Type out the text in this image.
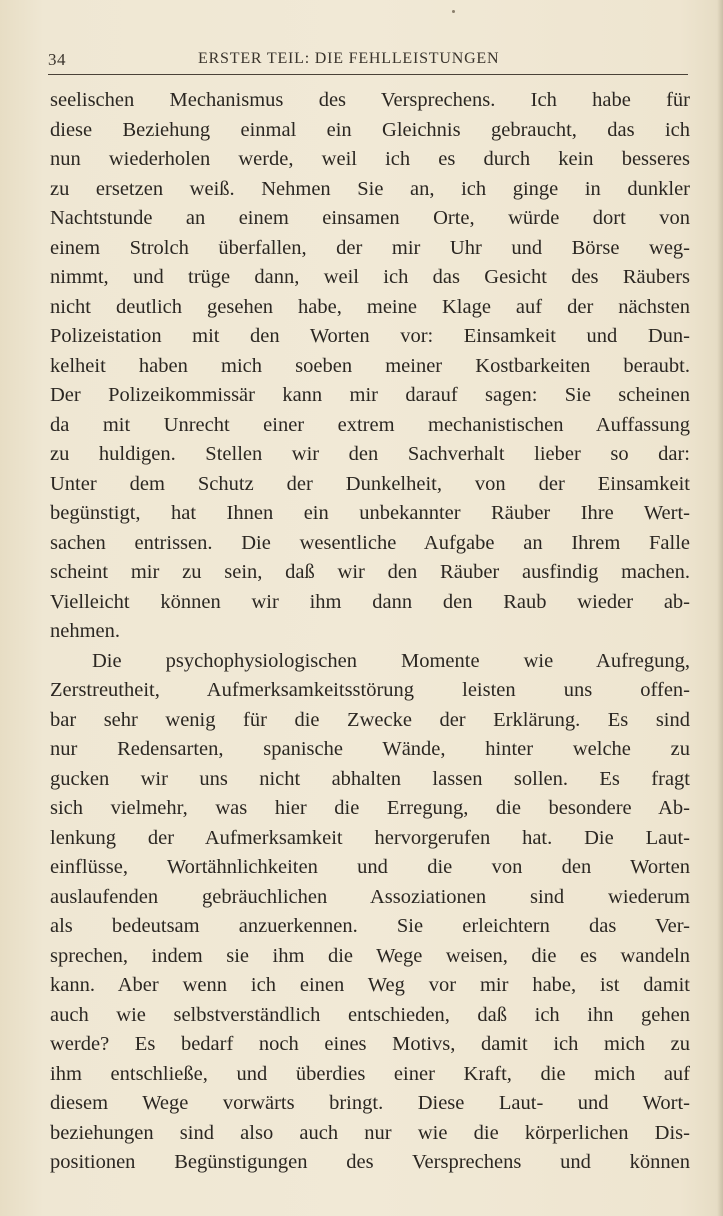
34	ERSTER TEIL: DIE FEHLLEISTUNGEN
seelischen Mechanismus des Versprechens. Ich habe für
diese Beziehung einmal ein Gleichnis gebraucht, das ich
nun wiederholen werde, weil ich es durch kein besseres
zu ersetzen weiß. Nehmen Sie an, ich ginge in dunkler
Nachtstunde an einem einsamen Orte, würde dort von
einem Strolch überfallen, der mir Uhr und Börse weg-
nimmt, und trüge dann, weil ich das Gesicht des Räubers
nicht deutlich gesehen habe, meine Klage auf der nächsten
Polizeistation mit den Worten vor: Einsamkeit und Dun-
kelheit haben mich soeben meiner Kostbarkeiten beraubt.
Der Polizeikommissär kann mir darauf sagen: Sie scheinen
da mit Unrecht einer extrem mechanistischen Auffassung
zu huldigen. Stellen wir den Sachverhalt lieber so dar:
Unter dem Schutz der Dunkelheit, von der Einsamkeit
begünstigt, hat Ihnen ein unbekannter Räuber Ihre Wert-
sachen entrissen. Die wesentliche Aufgabe an Ihrem Falle
scheint mir zu sein, daß wir den Räuber ausfindig machen.
Vielleicht können wir ihm dann den Raub wieder ab-
nehmen.
Die psychophysiologischen Momente wie Aufregung,
Zerstreutheit, Aufmerksamkeitsstörung leisten uns offen-
bar sehr wenig für die Zwecke der Erklärung. Es sind
nur Redensarten, spanische Wände, hinter welche zu
gucken wir uns nicht abhalten lassen sollen. Es fragt
sich vielmehr, was hier die Erregung, die besondere Ab-
lenkung der Aufmerksamkeit hervorgerufen hat. Die Laut-
einflüsse, Wortähnlichkeiten und die von den Worten
auslaufenden gebräuchlichen Assoziationen sind wiederum
als bedeutsam anzuerkennen. Sie erleichtern das Ver-
sprechen, indem sie ihm die Wege weisen, die es wandeln
kann. Aber wenn ich einen Weg vor mir habe, ist damit
auch wie selbstverständlich entschieden, daß ich ihn gehen
werde? Es bedarf noch eines Motivs, damit ich mich zu
ihm entschließe, und überdies einer Kraft, die mich auf
diesem Wege vorwärts bringt. Diese Laut- und Wort-
beziehungen sind also auch nur wie die körperlichen Dis-
positionen Begünstigungen des Versprechens und können
